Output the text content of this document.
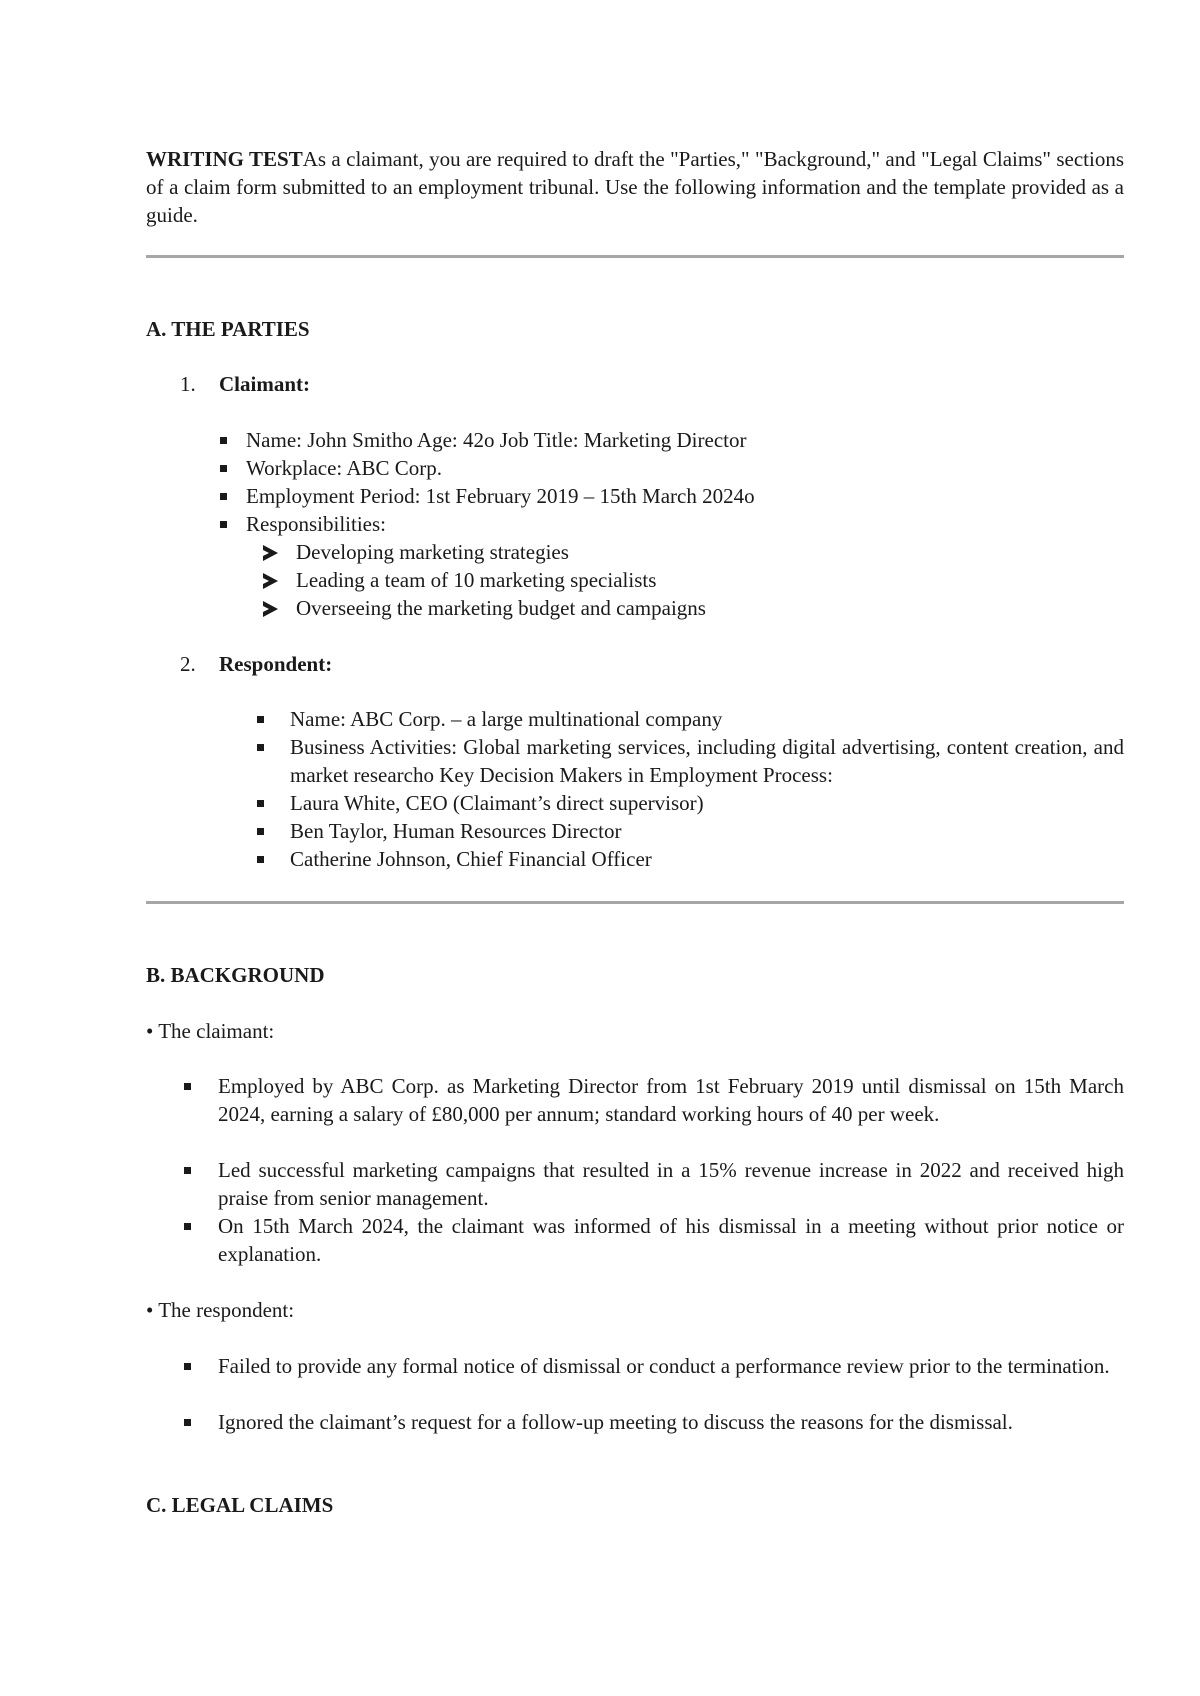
WRITING TESTAs a claimant, you are required to draft the "Parties," "Background," and "Legal Claims" sections of a claim form submitted to an employment tribunal. Use the following information and the template provided as a guide.

A. THE PARTIES
1. Claimant:
Name: John Smitho Age: 42o Job Title: Marketing Director
Workplace: ABC Corp.
Employment Period: 1st February 2019 – 15th March 2024o
Responsibilities:
Developing marketing strategies
Leading a team of 10 marketing specialists
Overseeing the marketing budget and campaigns
2. Respondent:
Name: ABC Corp. – a large multinational company
Business Activities: Global marketing services, including digital advertising, content creation, and market researcho Key Decision Makers in Employment Process:
Laura White, CEO (Claimant’s direct supervisor)
Ben Taylor, Human Resources Director
Catherine Johnson, Chief Financial Officer
B. BACKGROUND
• The claimant:
Employed by ABC Corp. as Marketing Director from 1st February 2019 until dismissal on 15th March 2024, earning a salary of £80,000 per annum; standard working hours of 40 per week.
Led successful marketing campaigns that resulted in a 15% revenue increase in 2022 and received high praise from senior management.
On 15th March 2024, the claimant was informed of his dismissal in a meeting without prior notice or explanation.
• The respondent:
Failed to provide any formal notice of dismissal or conduct a performance review prior to the termination.
Ignored the claimant’s request for a follow-up meeting to discuss the reasons for the dismissal.
C. LEGAL CLAIMS
